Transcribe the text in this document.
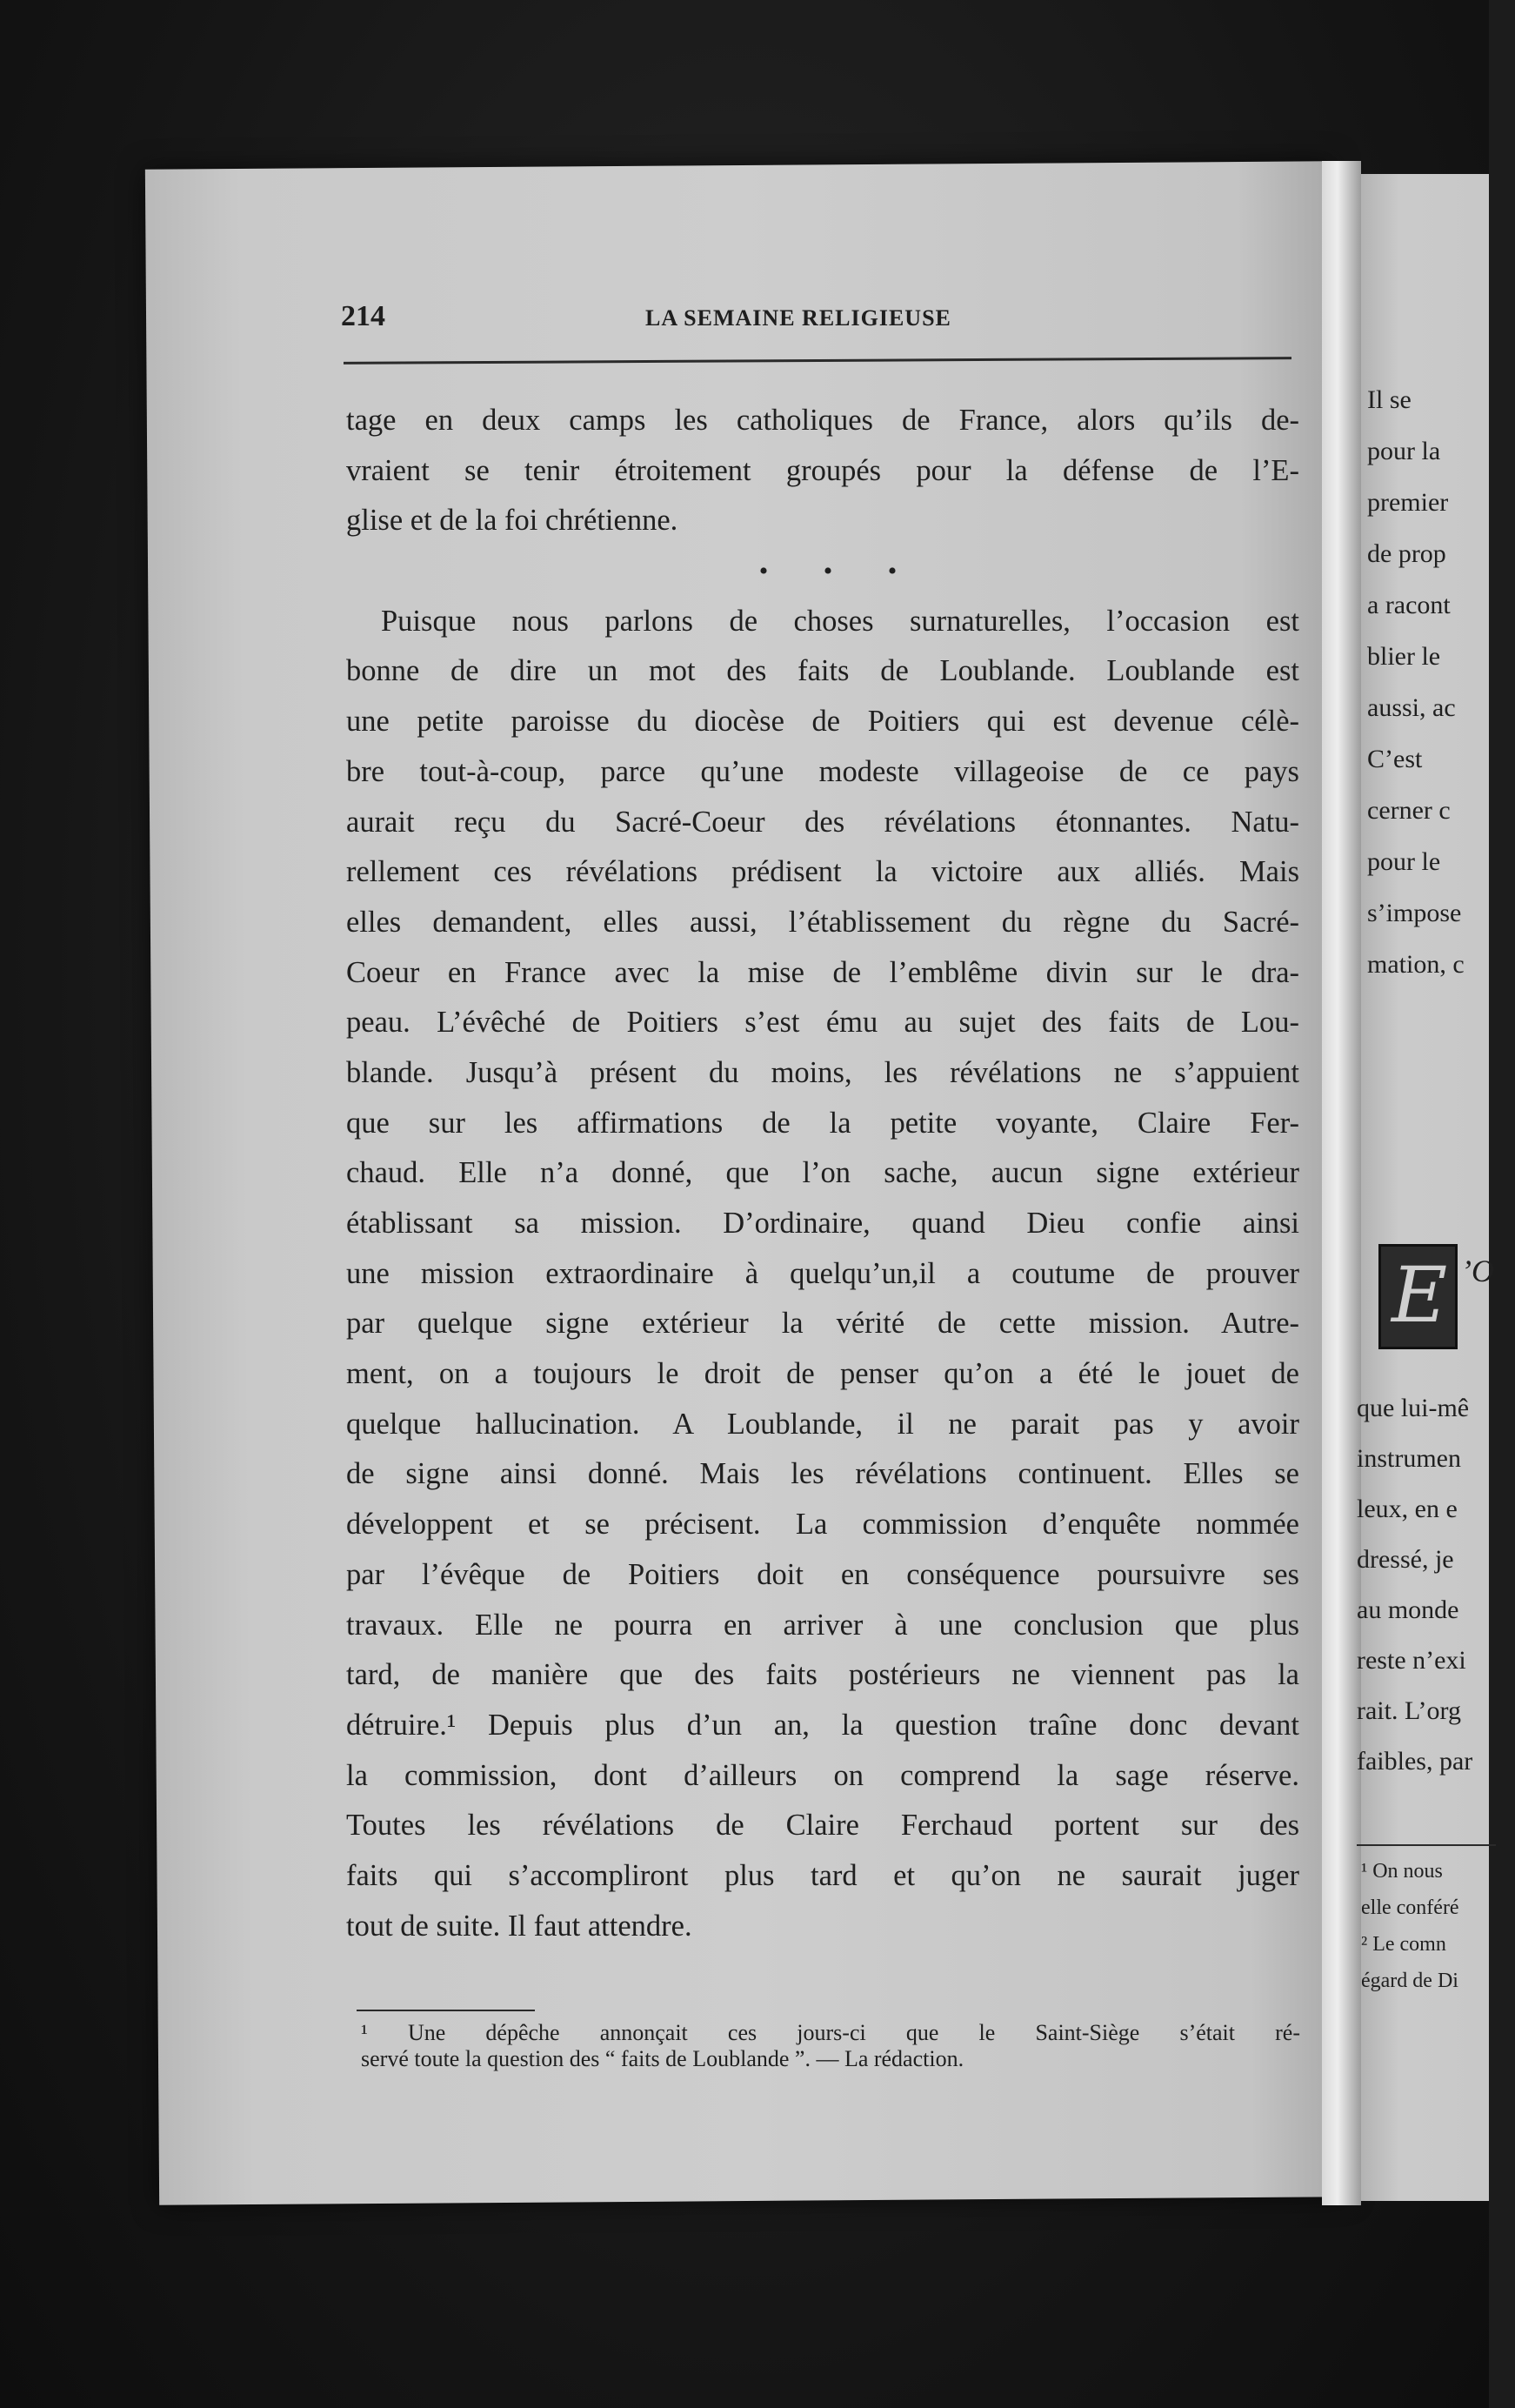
214	LA SEMAINE RELIGIEUSE
tage en deux camps les catholiques de France, alors qu’ils de-
vraient se tenir étroitement groupés pour la défense de l’E-
glise et de la foi chrétienne.
• • •
Puisque nous parlons de choses surnaturelles, l’occasion est
bonne de dire un mot des faits de Loublande. Loublande est
une petite paroisse du diocèse de Poitiers qui est devenue célè-
bre tout-à-coup, parce qu’une modeste villageoise de ce pays
aurait reçu du Sacré-Coeur des révélations étonnantes. Natu-
rellement ces révélations prédisent la victoire aux alliés. Mais
elles demandent, elles aussi, l’établissement du règne du Sacré-
Coeur en France avec la mise de l’emblême divin sur le dra-
peau. L’évêché de Poitiers s’est ému au sujet des faits de Lou-
blande. Jusqu’à présent du moins, les révélations ne s’appuient
que sur les affirmations de la petite voyante, Claire Fer-
chaud. Elle n’a donné, que l’on sache, aucun signe extérieur
établissant sa mission. D’ordinaire, quand Dieu confie ainsi
une mission extraordinaire à quelqu’un,il a coutume de prouver
par quelque signe extérieur la vérité de cette mission. Autre-
ment, on a toujours le droit de penser qu’on a été le jouet de
quelque hallucination. A Loublande, il ne parait pas y avoir
de signe ainsi donné. Mais les révélations continuent. Elles se
développent et se précisent. La commission d’enquête nommée
par l’évêque de Poitiers doit en conséquence poursuivre ses
travaux. Elle ne pourra en arriver à une conclusion que plus
tard, de manière que des faits postérieurs ne viennent pas la
détruire.¹ Depuis plus d’un an, la question traîne donc devant
la commission, dont d’ailleurs on comprend la sage réserve.
Toutes les révélations de Claire Ferchaud portent sur des
faits qui s’accompliront plus tard et qu’on ne saurait juger
tout de suite. Il faut attendre.
¹ Une dépêche annonçait ces jours-ci que le Saint-Siège s’était ré-
servé toute la question des “ faits de Loublande ”. — La rédaction.
Il se
pour la
premier
de prop
a racont
blier le
aussi, ac
C’est
cerner c
pour le
s’impose
mation, c
E ’O
que lui-mê
instrumen
leux, en e
dressé, je
au monde
reste n’exi
rait. L’org
faibles, par
¹ On nous
elle conféré
² Le comn
égard de Di
